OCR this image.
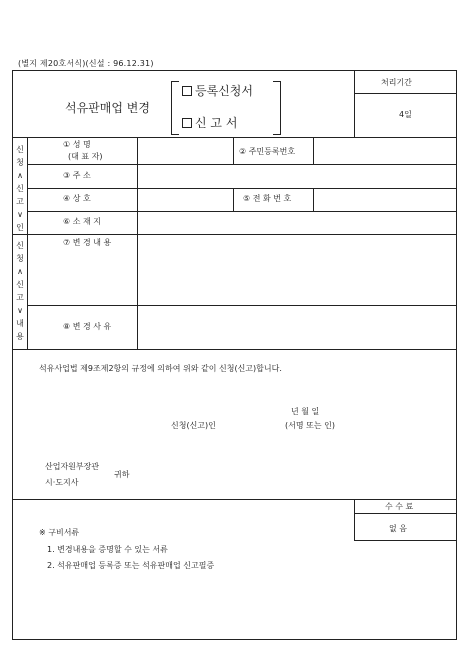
(별지 제20호서식)(신설 : 96.12.31)
석유판매업 변경
등록신청서
신 고 서
처리기간
4일
신 청 ∧ 신 고 ∨ 인
신 청 ∧ 신 고 ∨ 내 용
① 성 명
(대 표 자)
② 주민등록번호
③ 주 소
④ 상 호	⑤ 전 화 번 호
⑥ 소 재 지
⑦ 변 경 내 용
⑧ 변 경 사 유
석유사업법 제9조제2항의 규정에 의하여 위와 같이 신청(신고)합니다.
년 월 일
신청(신고)인	(서명 또는 인)
산업자원부장관
시·도지사
귀하
수 수 료
없 음
※ 구비서류
1. 변경내용을 증명할 수 있는 서류
2. 석유판매업 등록증 또는 석유판매업 신고필증
